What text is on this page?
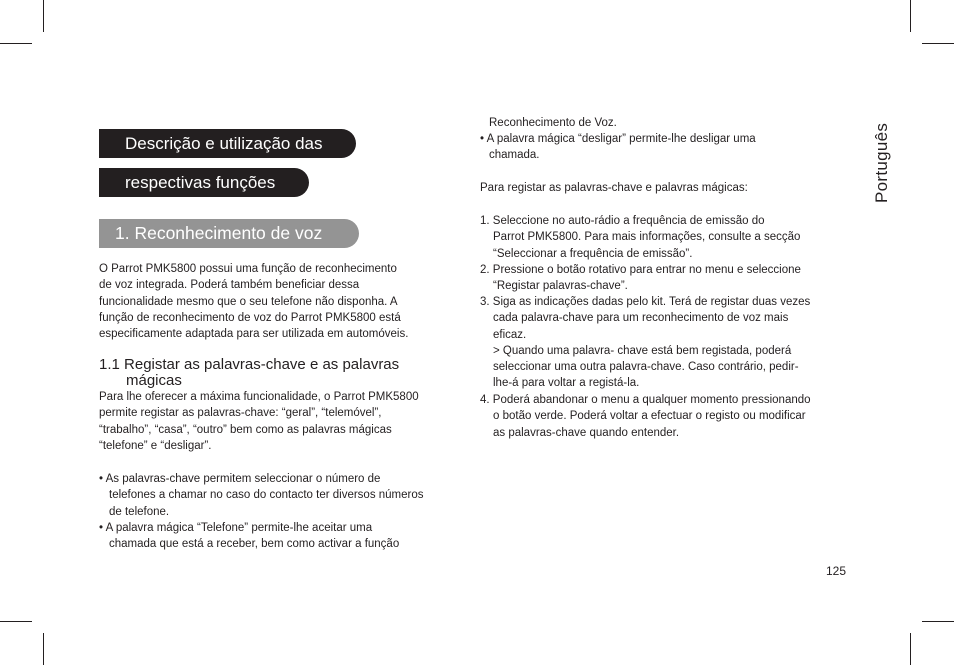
Descrição e utilização das
respectivas funções
1. Reconhecimento de voz

O Parrot PMK5800 possui uma função de reconhecimento

de voz integrada. Poderá também beneficiar dessa

funcionalidade mesmo que o seu telefone não disponha. A

função de reconhecimento de voz do Parrot PMK5800 está

especificamente adaptada para ser utilizada em automóveis.

1.1 Registar as palavras-chave e as palavras
mágicas

Para lhe oferecer a máxima funcionalidade, o Parrot PMK5800

permite registar as palavras-chave: “geral”, “telemóvel”,

“trabalho”, “casa”, “outro” bem como as palavras mágicas

“telefone” e “desligar”.

• As palavras-chave permitem seleccionar o número de

telefones a chamar no caso do contacto ter diversos números

de telefone.

• A palavra mágica “Telefone” permite-lhe aceitar uma

chamada que está a receber, bem como activar a função

Reconhecimento de Voz.

• A palavra mágica “desligar” permite-lhe desligar uma

chamada.

Para registar as palavras-chave e palavras mágicas:

1. Seleccione no auto-rádio a frequência de emissão do

Parrot PMK5800. Para mais informações, consulte a secção

“Seleccionar a frequência de emissão”.

2. Pressione o botão rotativo para entrar no menu e seleccione

“Registar palavras-chave”.

3. Siga as indicações dadas pelo kit. Terá de registar duas vezes

cada palavra-chave para um reconhecimento de voz mais

eficaz.

> Quando uma palavra- chave está bem registada, poderá

seleccionar uma outra palavra-chave. Caso contrário, pedir-

lhe-á para voltar a registá-la.

4. Poderá abandonar o menu a qualquer momento pressionando

o botão verde. Poderá voltar a efectuar o registo ou modificar

as palavras-chave quando entender.

Português
125
